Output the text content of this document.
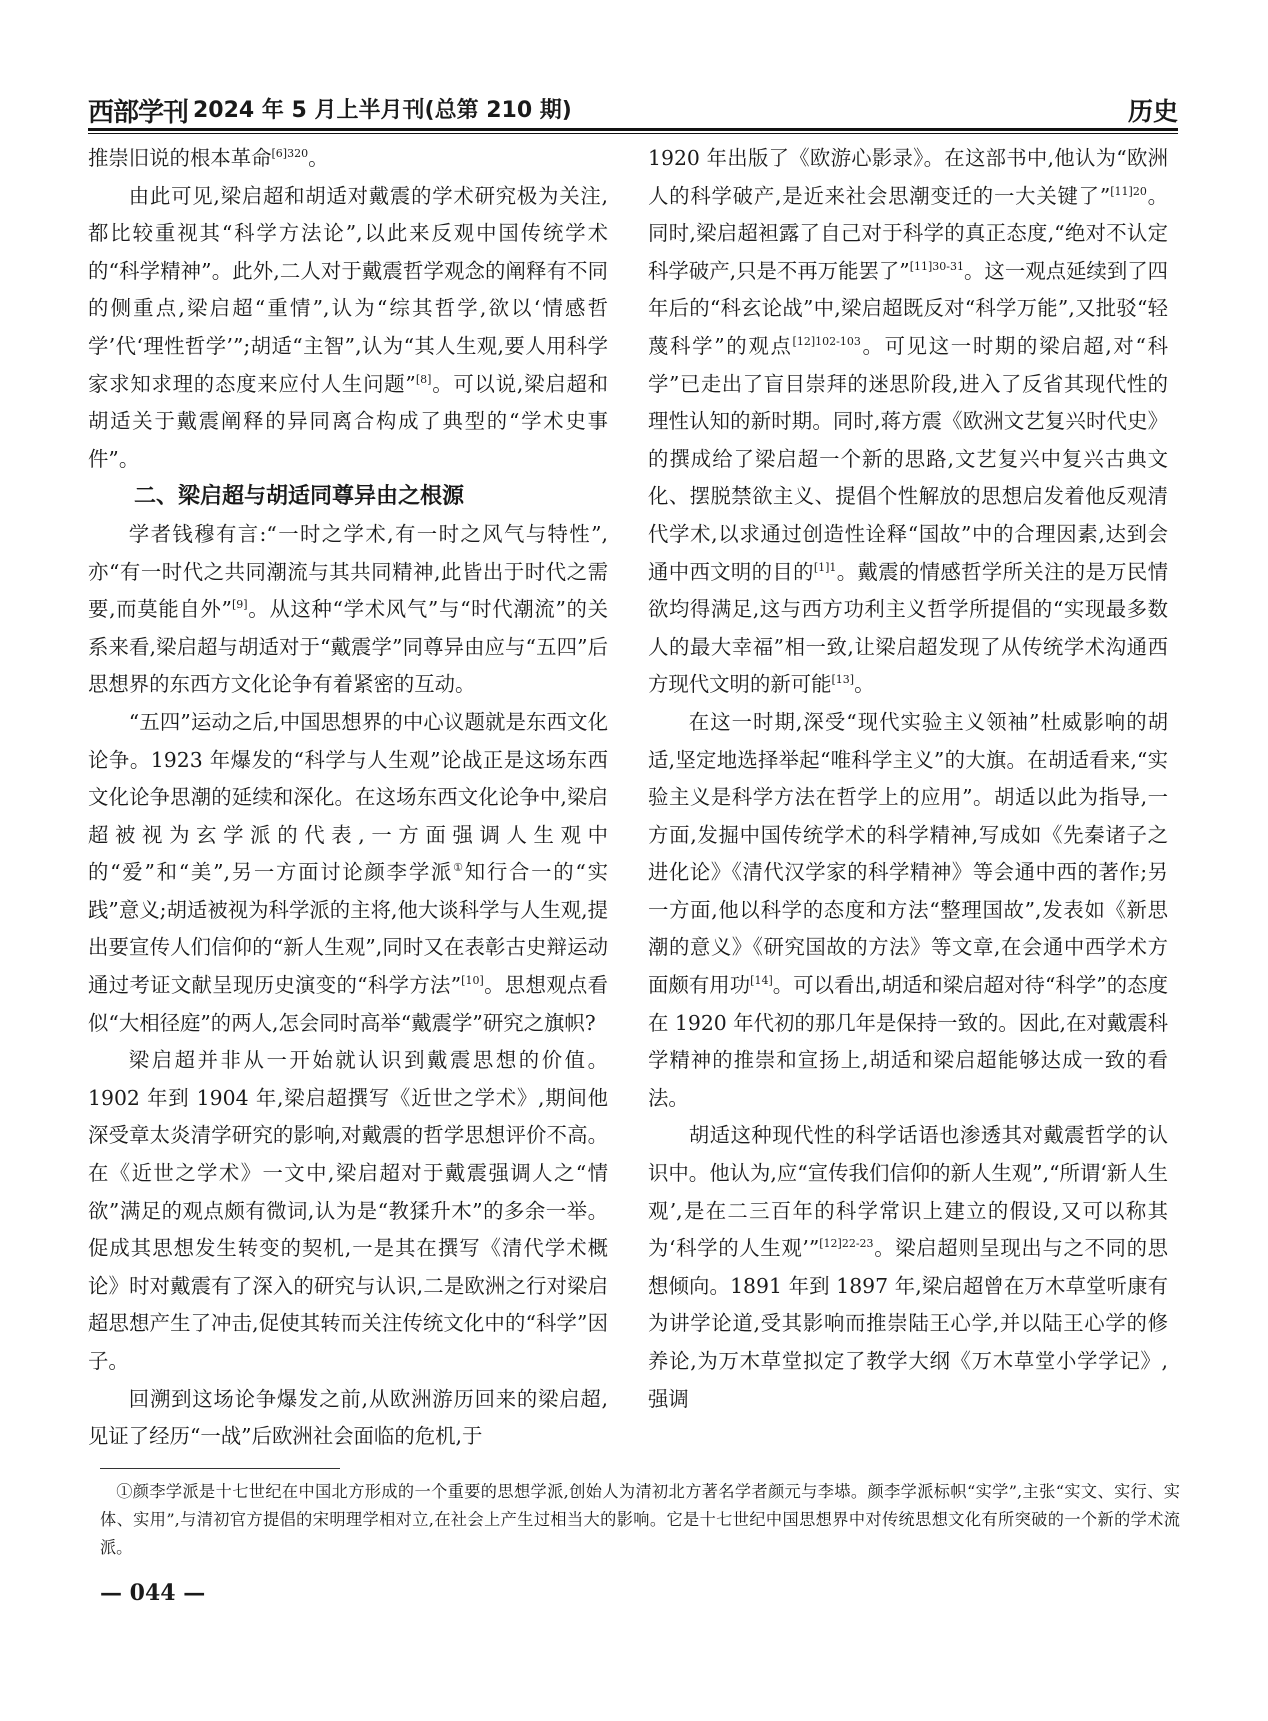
西部学刊 2024 年 5 月上半月刊(总第 210 期)	历史

推崇旧说的根本革命$^{[6]320}$。

由此可见,梁启超和胡适对戴震的学术研究极为关注,都比较重视其“科学方法论”,以此来反观中国传统学术的“科学精神”。此外,二人对于戴震哲学观念的阐释有不同的侧重点,梁启超“重情”,认为“综其哲学,欲以‘情感哲学’代‘理性哲学’”;胡适“主智”,认为“其人生观,要人用科学家求知求理的态度来应付人生问题”[8]。可以说,梁启超和胡适关于戴震阐释的异同离合构成了典型的“学术史事件”。

二、梁启超与胡适同尊异由之根源

学者钱穆有言:“一时之学术,有一时之风气与特性”,亦“有一时代之共同潮流与其共同精神,此皆出于时代之需要,而莫能自外”[9]。从这种“学术风气”与“时代潮流”的关系来看,梁启超与胡适对于“戴震学”同尊异由应与“五四”后思想界的东西方文化论争有着紧密的互动。

“五四”运动之后,中国思想界的中心议题就是东西文化论争。1923 年爆发的“科学与人生观”论战正是这场东西文化论争思潮的延续和深化。在这场东西文化论争中,梁启超被视为玄学派的代表,一方面强调人生观中的“爱”和“美”,另一方面讨论颜李学派①知行合一的“实践”意义;胡适被视为科学派的主将,他大谈科学与人生观,提出要宣传人们信仰的“新人生观”,同时又在表彰古史辩运动通过考证文献呈现历史演变的“科学方法”[10]。思想观点看似“大相径庭”的两人,怎会同时高举“戴震学”研究之旗帜?

梁启超并非从一开始就认识到戴震思想的价值。1902 年到 1904 年,梁启超撰写《近世之学术》,期间他深受章太炎清学研究的影响,对戴震的哲学思想评价不高。在《近世之学术》一文中,梁启超对于戴震强调人之“情欲”满足的观点颇有微词,认为是“教猱升木”的多余一举。促成其思想发生转变的契机,一是其在撰写《清代学术概论》时对戴震有了深入的研究与认识,二是欧洲之行对梁启超思想产生了冲击,促使其转而关注传统文化中的“科学”因子。

回溯到这场论争爆发之前,从欧洲游历回来的梁启超,见证了经历“一战”后欧洲社会面临的危机,于

1920 年出版了《欧游心影录》。在这部书中,他认为“欧洲人的科学破产,是近来社会思潮变迁的一大关键了”$^{[11]20}$。同时,梁启超袒露了自己对于科学的真正态度,“绝对不认定科学破产,只是不再万能罢了”$^{[11]30-31}$。这一观点延续到了四年后的“科玄论战”中,梁启超既反对“科学万能”,又批驳“轻蔑科学”的观点$^{[12]102-103}$。可见这一时期的梁启超,对“科学”已走出了盲目崇拜的迷思阶段,进入了反省其现代性的理性认知的新时期。同时,蒋方震《欧洲文艺复兴时代史》的撰成给了梁启超一个新的思路,文艺复兴中复兴古典文化、摆脱禁欲主义、提倡个性解放的思想启发着他反观清代学术,以求通过创造性诠释“国故”中的合理因素,达到会通中西文明的目的$^{[1]1}$。戴震的情感哲学所关注的是万民情欲均得满足,这与西方功利主义哲学所提倡的“实现最多数人的最大幸福”相一致,让梁启超发现了从传统学术沟通西方现代文明的新可能[13]。

在这一时期,深受“现代实验主义领袖”杜威影响的胡适,坚定地选择举起“唯科学主义”的大旗。在胡适看来,“实验主义是科学方法在哲学上的应用”。胡适以此为指导,一方面,发掘中国传统学术的科学精神,写成如《先秦诸子之进化论》《清代汉学家的科学精神》等会通中西的著作;另一方面,他以科学的态度和方法“整理国故”,发表如《新思潮的意义》《研究国故的方法》等文章,在会通中西学术方面颇有用功[14]。可以看出,胡适和梁启超对待“科学”的态度在 1920 年代初的那几年是保持一致的。因此,在对戴震科学精神的推崇和宣扬上,胡适和梁启超能够达成一致的看法。

胡适这种现代性的科学话语也渗透其对戴震哲学的认识中。他认为,应“宣传我们信仰的新人生观”,“所谓‘新人生观’,是在二三百年的科学常识上建立的假设,又可以称其为‘科学的人生观’”$^{[12]22-23}$。梁启超则呈现出与之不同的思想倾向。1891 年到 1897 年,梁启超曾在万木草堂听康有为讲学论道,受其影响而推崇陆王心学,并以陆王心学的修养论,为万木草堂拟定了教学大纲《万木草堂小学学记》,强调

①颜李学派是十七世纪在中国北方形成的一个重要的思想学派,创始人为清初北方著名学者颜元与李塨。颜李学派标帜“实学”,主张“实文、实行、实体、实用”,与清初官方提倡的宋明理学相对立,在社会上产生过相当大的影响。它是十七世纪中国思想界中对传统思想文化有所突破的一个新的学术流派。

— 044 —
